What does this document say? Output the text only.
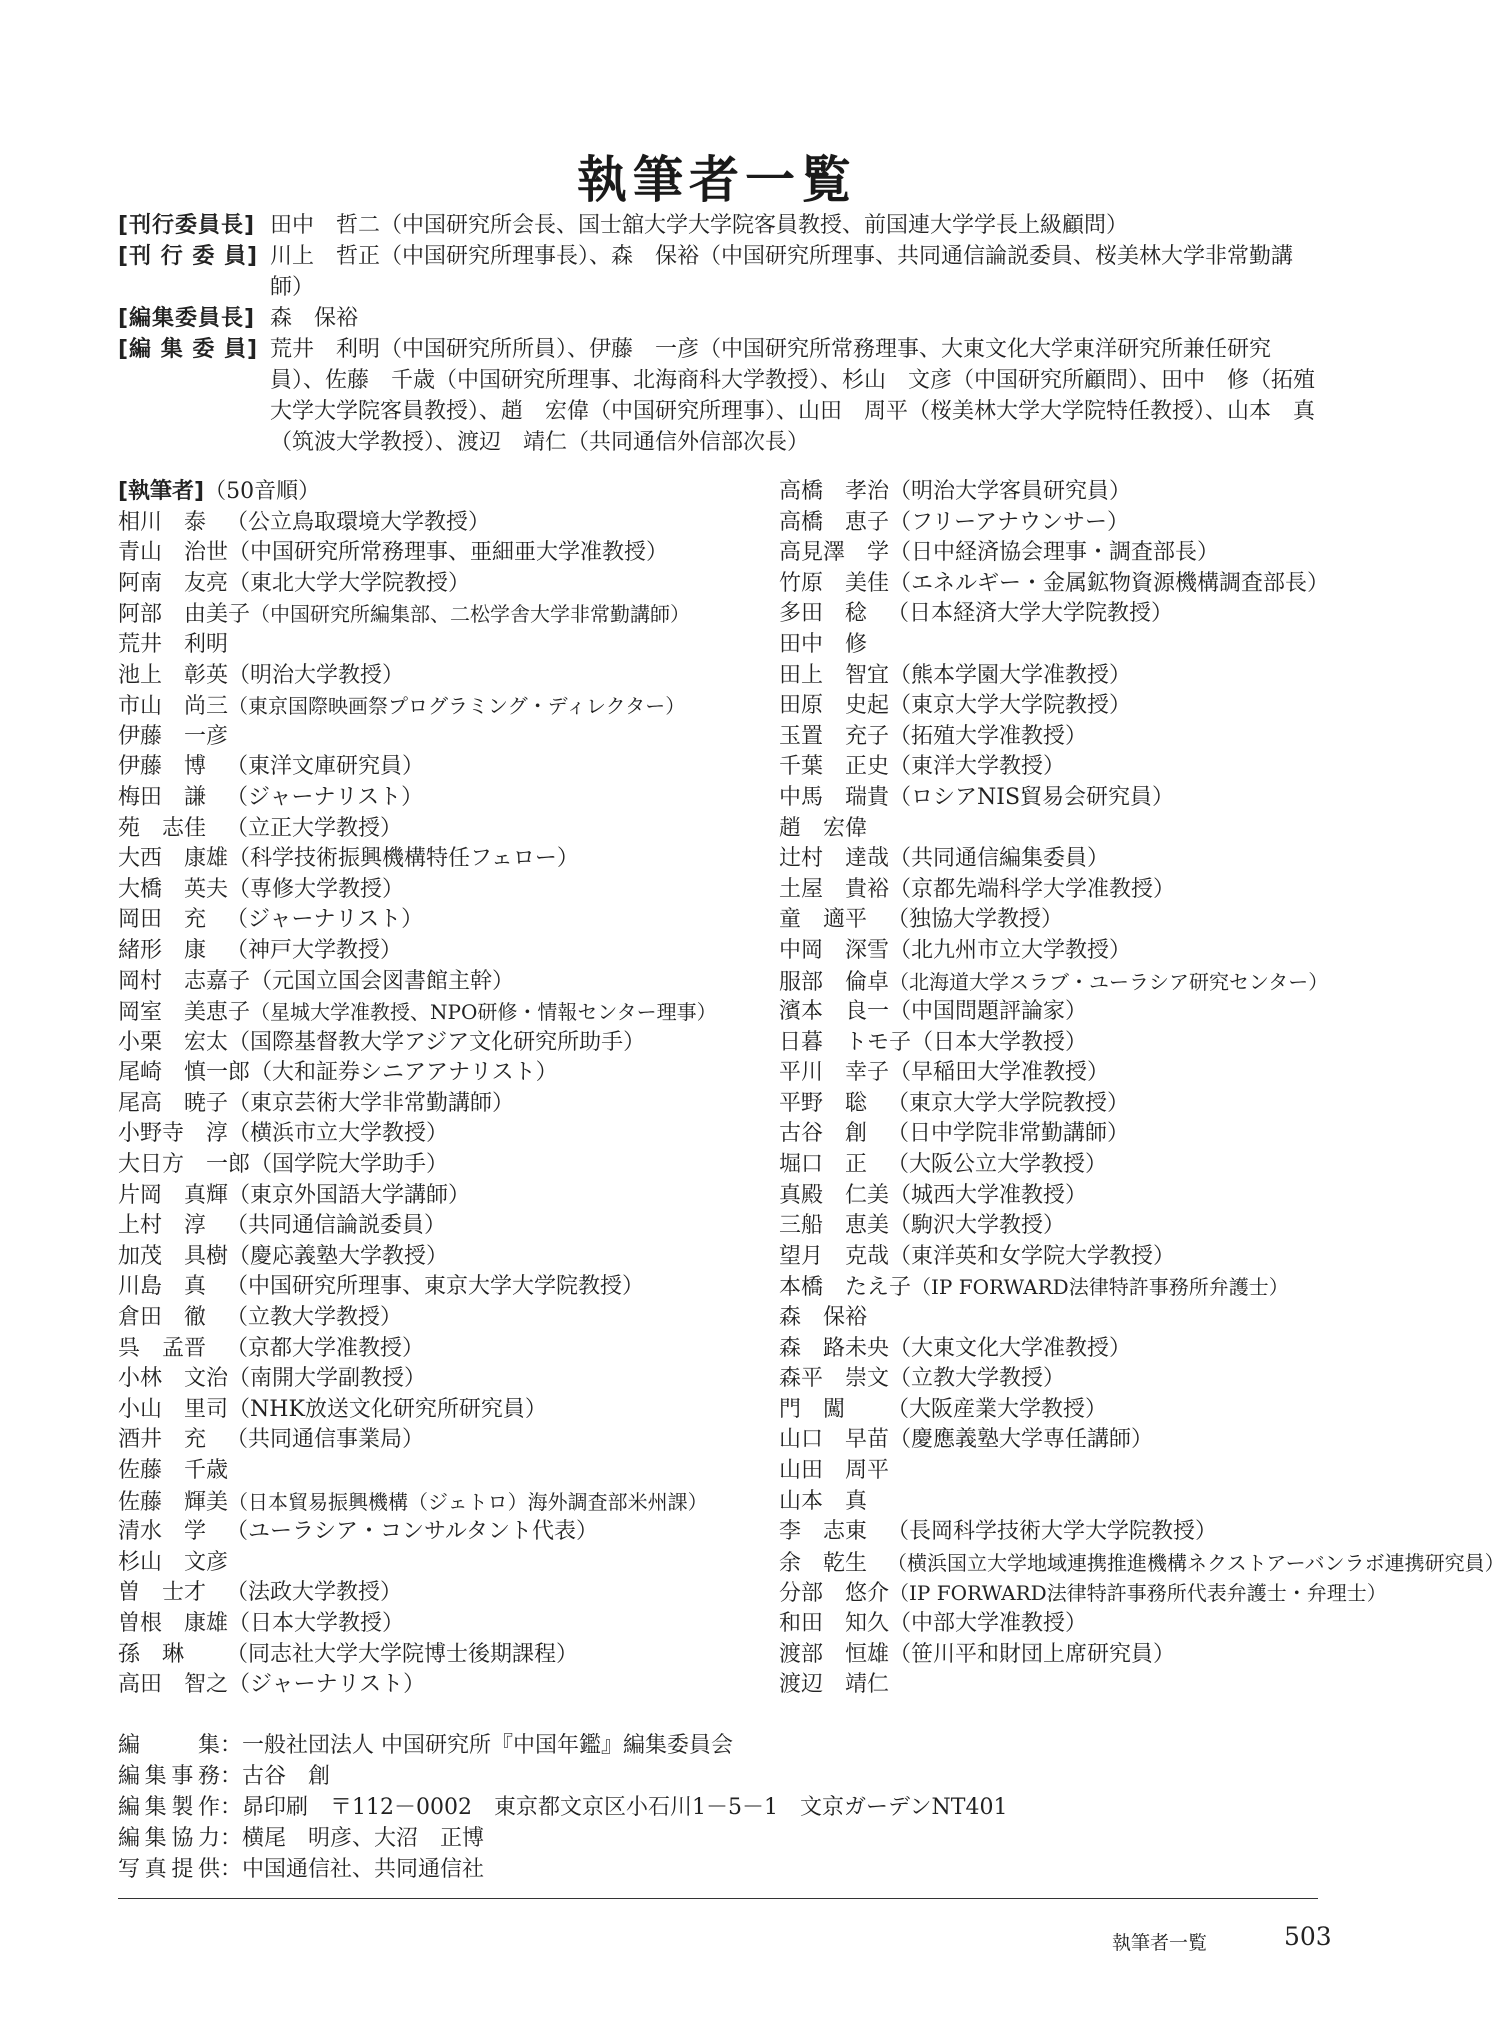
執筆者一覧
[刊行委員長] 田中　哲二（中国研究所会長、国士舘大学大学院客員教授、前国連大学学長上級顧問）
[刊 行 委 員] 川上　哲正（中国研究所理事長）、森　保裕（中国研究所理事、共同通信論説委員、桜美林大学非常勤講師）
[編集委員長] 森　保裕
[編 集 委 員] 荒井　利明（中国研究所所員）、伊藤　一彦（中国研究所常務理事、大東文化大学東洋研究所兼任研究員）、佐藤　千歳（中国研究所理事、北海商科大学教授）、杉山　文彦（中国研究所顧問）、田中　修（拓殖大学大学院客員教授）、趙　宏偉（中国研究所理事）、山田　周平（桜美林大学大学院特任教授）、山本　真（筑波大学教授）、渡辺　靖仁（共同通信外信部次長）
[執筆者]（50音順）
相川　泰 （公立鳥取環境大学教授）
青山　治世（中国研究所常務理事、亜細亜大学准教授）
阿南　友亮（東北大学大学院教授）
阿部　由美子（中国研究所編集部、二松学舎大学非常勤講師）
荒井　利明
池上　彰英（明治大学教授）
市山　尚三（東京国際映画祭プログラミング・ディレクター）
伊藤　一彦
伊藤　博 （東洋文庫研究員）
梅田　謙 （ジャーナリスト）
苑　志佳 （立正大学教授）
大西　康雄（科学技術振興機構特任フェロー）
大橋　英夫（専修大学教授）
岡田　充 （ジャーナリスト）
緒形　康 （神戸大学教授）
岡村　志嘉子（元国立国会図書館主幹）
岡室　美恵子（星城大学准教授、NPO研修・情報センター理事）
小栗　宏太（国際基督教大学アジア文化研究所助手）
尾崎　慎一郎（大和証券シニアアナリスト）
尾高　暁子（東京芸術大学非常勤講師）
小野寺　淳（横浜市立大学教授）
大日方　一郎（国学院大学助手）
片岡　真輝（東京外国語大学講師）
上村　淳 （共同通信論説委員）
加茂　具樹（慶応義塾大学教授）
川島　真 （中国研究所理事、東京大学大学院教授）
倉田　徹 （立教大学教授）
呉　孟晋 （京都大学准教授）
小林　文治（南開大学副教授）
小山　里司（NHK放送文化研究所研究員）
酒井　充 （共同通信事業局）
佐藤　千歳
佐藤　輝美（日本貿易振興機構（ジェトロ）海外調査部米州課）
清水　学 （ユーラシア・コンサルタント代表）
杉山　文彦
曽　士才 （法政大学教授）
曽根　康雄（日本大学教授）
孫　琳 （同志社大学大学院博士後期課程）
高田　智之（ジャーナリスト）
高橋　孝治（明治大学客員研究員）
高橋　恵子（フリーアナウンサー）
高見澤　学（日中経済協会理事・調査部長）
竹原　美佳（エネルギー・金属鉱物資源機構調査部長）
多田　稔 （日本経済大学大学院教授）
田中　修
田上　智宜（熊本学園大学准教授）
田原　史起（東京大学大学院教授）
玉置　充子（拓殖大学准教授）
千葉　正史（東洋大学教授）
中馬　瑞貴（ロシアNIS貿易会研究員）
趙　宏偉
辻村　達哉（共同通信編集委員）
土屋　貴裕（京都先端科学大学准教授）
童　適平 （独協大学教授）
中岡　深雪（北九州市立大学教授）
服部　倫卓（北海道大学スラブ・ユーラシア研究センター）
濱本　良一（中国問題評論家）
日暮　トモ子（日本大学教授）
平川　幸子（早稲田大学准教授）
平野　聡 （東京大学大学院教授）
古谷　創 （日中学院非常勤講師）
堀口　正 （大阪公立大学教授）
真殿　仁美（城西大学准教授）
三船　恵美（駒沢大学教授）
望月　克哉（東洋英和女学院大学教授）
本橋　たえ子（IP FORWARD法律特許事務所弁護士）
森　保裕
森　路未央（大東文化大学准教授）
森平　崇文（立教大学教授）
門　闖 （大阪産業大学教授）
山口　早苗（慶應義塾大学専任講師）
山田　周平
山本　真
李　志東 （長岡科学技術大学大学院教授）
余　乾生 （横浜国立大学地域連携推進機構ネクストアーバンラボ連携研究員）
分部　悠介（IP FORWARD法律特許事務所代表弁護士・弁理士）
和田　知久（中部大学准教授）
渡部　恒雄（笹川平和財団上席研究員）
渡辺　靖仁
編集：一般社団法人 中国研究所『中国年鑑』編集委員会
編集事務：古谷　創
編集製作：昴印刷　〒112－0002　東京都文京区小石川1－5－1　文京ガーデンNT401
編集協力：横尾　明彦、大沼　正博
写真提供：中国通信社、共同通信社
執筆者一覧	503
